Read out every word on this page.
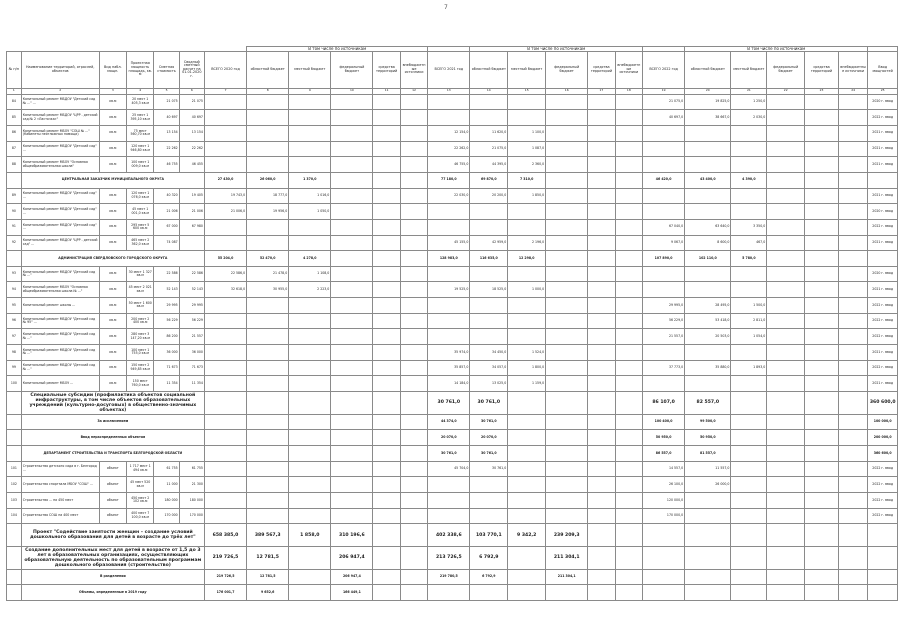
7
							В том числе по источникам						В том числе по источникам						В том числе по источникам					
№ п/п	Наименование территорий, отраслей, объектов	Вид набл. мощн.	Проектная мощность площадь, кв. м	Сметная стоимость	Сводный сметный расчет на 01.01.2020 г.	ВСЕГО 2020 год	областной бюджет	местный бюджет	федеральный бюджет	средства территорий	внебюджетные источники	ВСЕГО 2021 год	областной бюджет	местный бюджет	федеральный бюджет	средства территорий	внебюджетные источники	ВСЕГО 2022 год	областной бюджет	местный бюджет	федеральный бюджет	средства территорий	внебюджетные источники	Ввод мощностей
1	2	3	4	5	6	7	8	9	10	11	12	13	14	15	16	17	18	19	20	21	22	23	24	25
84	Капитальный ремонт МБДОУ "Детский сад № ..." ...	кв.м	20 мест 1 405,3 кв.м	21 075	21 075													21 075,0	19 825,0	1 250,0				2020 г. ввод
85	Капитальный ремонт МБДОУ "ЦРР - детский сад № 2 «Ласточка»"	кв.м	25 мест 1 395,10 кв.м	40 697	40 697													40 697,0	38 667,0	2 030,0				2022 г. ввод
86	Капитальный ремонт МБОУ "СОШ № ..." (Кабинеты неотложных помощи)	кв.м	75 мест 560,70 кв.м	13 154	13 154							12 154,0	11 620,0	1 100,0										2021 г. ввод
87	Капитальный ремонт МБДОУ "Детский сад" ...	кв.м	120 мест 1 946,80 кв.м	22 262	22 262							22 262,0	21 075,0	1 087,0										2021 г. ввод
88	Капитальный ремонт МБОУ "Основная общеобразовательная школа"	кв.м	100 мест 1 009,0 кв.м	46 755	46 455							46 755,0	44 395,0	2 360,0										2021 г. ввод
	ЦЕНТРАЛЬНАЯ ЗАКАЗЧИК МУНИЦИПАЛЬНОГО ОКРУГА					27 430,0	26 060,0	1 370,0				77 180,0	69 870,0	7 310,0				46 420,0	43 400,0	4 390,0				
89	Капитальный ремонт МБДОУ "Детский сад" ...	кв.м	120 мест 1 076,0 кв.м	40 320	19 405	19 743,0	18 777,0	1 016,0				22 030,0	20 200,0	1 850,0										2021 г. ввод
90	Капитальный ремонт МБДОУ "Детский сад" ...	кв.м	45 мест 1 001,0 кв.м	21 006	21 006	21 006,0	19 956,0	1 050,0																2020 г. ввод
91	Капитальный ремонт МБДОУ "Детский сад" ...	кв.м	295 мест 5 600 кв.м	67 000	67 980													67 040,0	63 640,0	3 350,0				2022 г. ввод
92	Капитальный ремонт МБДОУ "ЦРР - детский сад" ...	кв.м	465 мест 2 362,0 кв.м	74 087								45 155,0	42 959,0	2 196,0				9 067,0	8 600,0	467,0				2021 г. ввод
	АДМИНИСТРАЦИЯ СВЕРДЛОВСКОГО ГОРОДСКОГО ОКРУГА					55 204,0	52 470,0	4 278,0				128 983,0	116 635,0	12 298,0				107 890,0	102 110,0	5 780,0				
93	Капитальный ремонт МБДОУ "Детский сад № ..."	кв.м	30 мест 1 327 кв.м	22 586	22 586	22 586,0	21 478,0	1 108,0																2020 г. ввод
94	Капитальный ремонт МБОУ "Основная общеобразовательная школа № ..."	кв.м	45 мест 2 021 кв.м	52 143	52 143	32 618,0	30 955,0	2 223,0				19 525,0	18 525,0	1 000,0										2021 г. ввод
95	Капитальный ремонт школы ...	кв.м	50 мест 1 600 кв.м	29 995	29 995													29 995,0	28 495,0	1 500,0				2022 г. ввод
96	Капитальный ремонт МБДОУ "Детский сад № 95" ...	кв.м	200 мест 2 400 кв.м	56 229	56 229													56 229,0	53 418,0	2 811,0				2022 г. ввод
97	Капитальный ремонт МБДОУ "Детский сад № ..."	кв.м	280 мест 3 147,20 кв.м	86 200	21 557													21 557,0	20 503,0	1 054,0				2022 г. ввод
98	Капитальный ремонт МБДОУ "Детский сад № ..."	кв.м	100 мест 1 755,0 кв.м	36 000	36 000							35 974,0	34 450,0	1 524,0										2021 г. ввод
99	Капитальный ремонт МБДОУ "Детский сад № ..."	кв.м	150 мест 2 949,85 кв.м	71 673	71 673							35 857,0	34 057,0	1 800,0				37 773,0	35 880,0	1 893,0				2022 г. ввод
100	Капитальный ремонт МБОУ ...	кв.м	150 мест 760,0 кв.м	11 354	11 354							14 184,0	13 025,0	1 159,0										2021 г. ввод
	Специальные субсидии (профилактика объектов социальной инфраструктуры, в том числе объектов образовательных учреждений (культурно-досуговых) в общественно-значимых объектах)											30 761,0	30 761,0					86 107,0	82 557,0					360 600,0
	За исключением											44 374,0	30 761,0					100 400,0	99 500,0					100 000,0
	Ввод нераспределенных объектов											20 070,0	20 070,0					50 950,0	50 950,0					200 000,0
	ДЕПАРТАМЕНТ СТРОИТЕЛЬСТВА И ТРАНСПОРТА БЕЛГОРОДСКОЙ ОБЛАСТИ											30 761,0	30 761,0					86 557,0	81 557,0					360 600,0
101	Строительство детского сада в г. Белгород ...	объект	1 717 мест 1 494 кв.м	61 755	61 755							45 704,0	30 761,0					14 557,0	11 557,0					2022 г. ввод
102	Строительство спортзала МБОУ "СОШ" ...	объект	45 мест 520 кв.м	11 000	21 300													26 100,0	26 000,0					2022 г. ввод
103	Строительство ... на 450 мест	объект	450 мест 2 102 кв.м	180 000	180 000													120 000,0						2022 г. ввод
104	Строительство СОШ на 400 мест	объект	400 мест 7 100,0 кв.м	170 000	170 000													170 000,0						2022 г. ввод
	Проект "Содействие занятости женщин – создание условий дошкольного образования для детей в возрасте до трёх лет"					658 385,0	389 567,3	1 858,0	310 196,6			402 338,6	103 770,1	9 342,2	239 209,3									
	Создание дополнительных мест для детей в возрасте от 1,5 до 3 лет в образовательных организациях, осуществляющих образовательную деятельность по образовательным программам дошкольного образования (строительство)					219 726,5	12 781,5		206 947,4			213 726,5	6 792,9		211 304,1									
	В разделении					219 726,5	12 781,5		206 947,4			219 780,5	6 792,9		211 304,1									
	Объемы, определенные в 2019 году					176 001,7	9 652,6		166 449,1															
